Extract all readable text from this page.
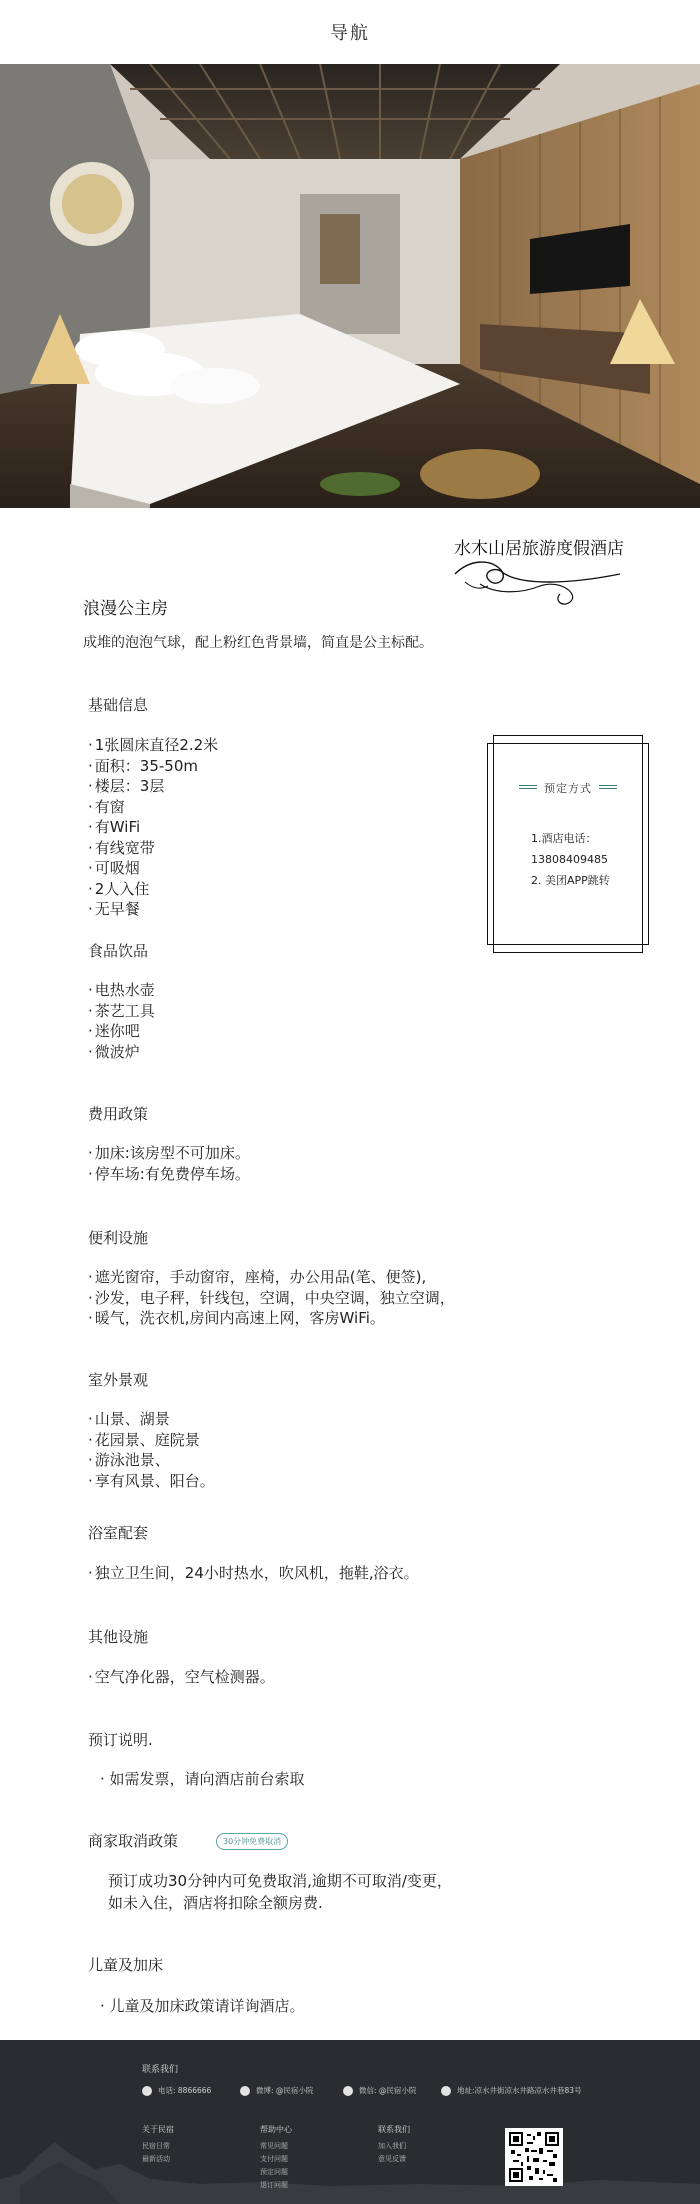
导航
水木山居旅游度假酒店
浪漫公主房
成堆的泡泡气球，配上粉红色背景墙，简直是公主标配。
基础信息
· 1张圆床直径2.2米
· 面积：35-50m
· 楼层：3层
· 有窗
· 有WiFi
· 有线宽带
· 可吸烟
· 2人入住
· 无早餐
预定方式
1.酒店电话：
13808409485
2. 美团APP跳转
食品饮品
· 电热水壶
· 茶艺工具
· 迷你吧
· 微波炉
费用政策
· 加床:该房型不可加床。
· 停车场:有免费停车场。
便利设施
· 遮光窗帘，手动窗帘，座椅，办公用品(笔、便签),
· 沙发，电子秤，针线包，空调，中央空调，独立空调，
· 暖气，洗衣机,房间内高速上网，客房WiFi。
室外景观
· 山景、湖景
· 花园景、庭院景
· 游泳池景、
· 享有风景、阳台。
浴室配套
· 独立卫生间，24小时热水，吹风机，拖鞋,浴衣。
其他设施
· 空气净化器，空气检测器。
预订说明.
· 如需发票，请向酒店前台索取
商家取消政策	30分钟免费取消
预订成功30分钟内可免费取消,逾期不可取消/变更，
如未入住，酒店将扣除全额房费.
儿童及加床
· 儿童及加床政策请详询酒店。
联系我们
电话: 8866666	微博: @民宿小院	微信: @民宿小院	地址:凉水井街凉水井路凉水井巷83号
关于民宿
民宿日常
最新活动
帮助中心
常见问题
支付问题
预定问题
退订问题
联系我们
加入我们
意见反馈
